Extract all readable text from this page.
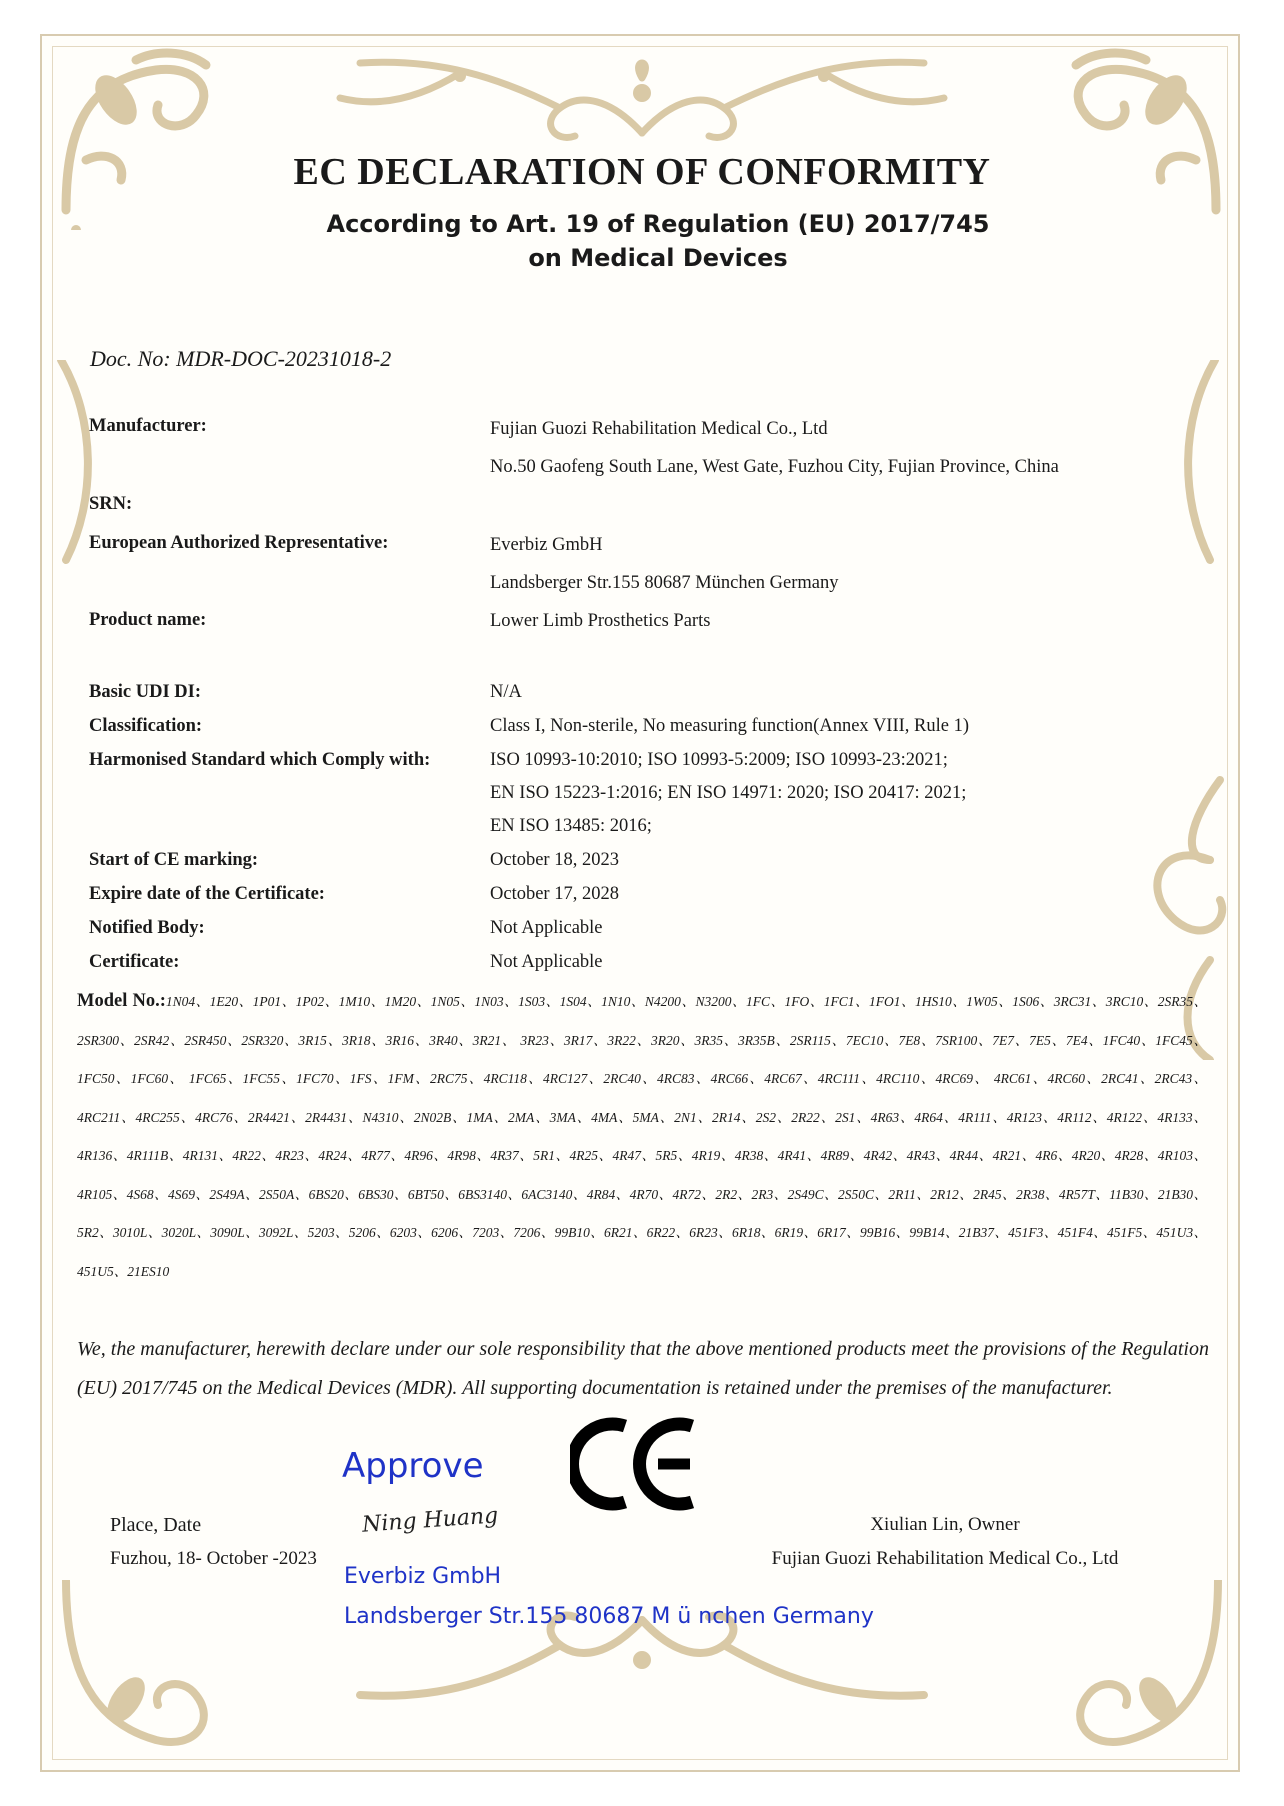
EC DECLARATION OF CONFORMITY
According to Art. 19 of Regulation (EU) 2017/745
on Medical Devices
Doc. No: MDR-DOC-20231018-2
Manufacturer:	Fujian Guozi Rehabilitation Medical Co., Ltd
No.50 Gaofeng South Lane, West Gate, Fuzhou City, Fujian Province, China
SRN:
European Authorized Representative:	Everbiz GmbH
Landsberger Str.155 80687 München Germany
Product name:	Lower Limb Prosthetics Parts
Basic UDI DI:	N/A
Classification:	Class I, Non-sterile, No measuring function(Annex VIII, Rule 1)
Harmonised Standard which Comply with:	ISO 10993-10:2010; ISO 10993-5:2009; ISO 10993-23:2021;
EN ISO 15223-1:2016; EN ISO 14971: 2020; ISO 20417: 2021;
EN ISO 13485: 2016;
Start of CE marking:	October 18, 2023
Expire date of the Certificate:	October 17, 2028
Notified Body:	Not Applicable
Certificate:	Not Applicable
Model No.:1N04、1E20、1P01、1P02、1M10、1M20、1N05、1N03、1S03、1S04、1N10、N4200、N3200、1FC、1FO、1FC1、1FO1、1HS10、1W05、1S06、3RC31、3RC10、2SR35、2SR300、2SR42、2SR450、2SR320、3R15、3R18、3R16、3R40、3R21、 3R23、3R17、3R22、3R20、3R35、3R35B、2SR115、7EC10、7E8、7SR100、7E7、7E5、7E4、1FC40、1FC45、1FC50、1FC60、 1FC65、1FC55、1FC70、1FS、1FM、2RC75、4RC118、4RC127、2RC40、4RC83、4RC66、4RC67、4RC111、4RC110、4RC69、 4RC61、4RC60、2RC41、2RC43、4RC211、4RC255、4RC76、2R4421、2R4431、N4310、2N02B、1MA、2MA、3MA、4MA、5MA、2N1、2R14、2S2、2R22、2S1、4R63、4R64、4R111、4R123、4R112、4R122、4R133、4R136、4R111B、4R131、4R22、4R23、4R24、4R77、4R96、4R98、4R37、5R1、4R25、4R47、5R5、4R19、4R38、4R41、4R89、4R42、4R43、4R44、4R21、4R6、4R20、4R28、4R103、4R105、4S68、4S69、2S49A、2S50A、6BS20、6BS30、6BT50、6BS3140、6AC3140、4R84、4R70、4R72、2R2、2R3、2S49C、2S50C、2R11、2R12、2R45、2R38、4R57T、11B30、21B30、5R2、3010L、3020L、3090L、3092L、5203、5206、6203、6206、7203、7206、99B10、6R21、6R22、6R23、6R18、6R19、6R17、99B16、99B14、21B37、451F3、451F4、451F5、451U3、451U5、21ES10
We, the manufacturer, herewith declare under our sole responsibility that the above mentioned products meet the provisions of the Regulation (EU) 2017/745 on the Medical Devices (MDR). All supporting documentation is retained under the premises of the manufacturer.
Place, Date
Fuzhou, 18- October -2023
Approve
Ning Huang
Everbiz GmbH
Landsberger Str.155 80687 M ü nchen Germany
Xiulian Lin, Owner
Fujian Guozi Rehabilitation Medical Co., Ltd
